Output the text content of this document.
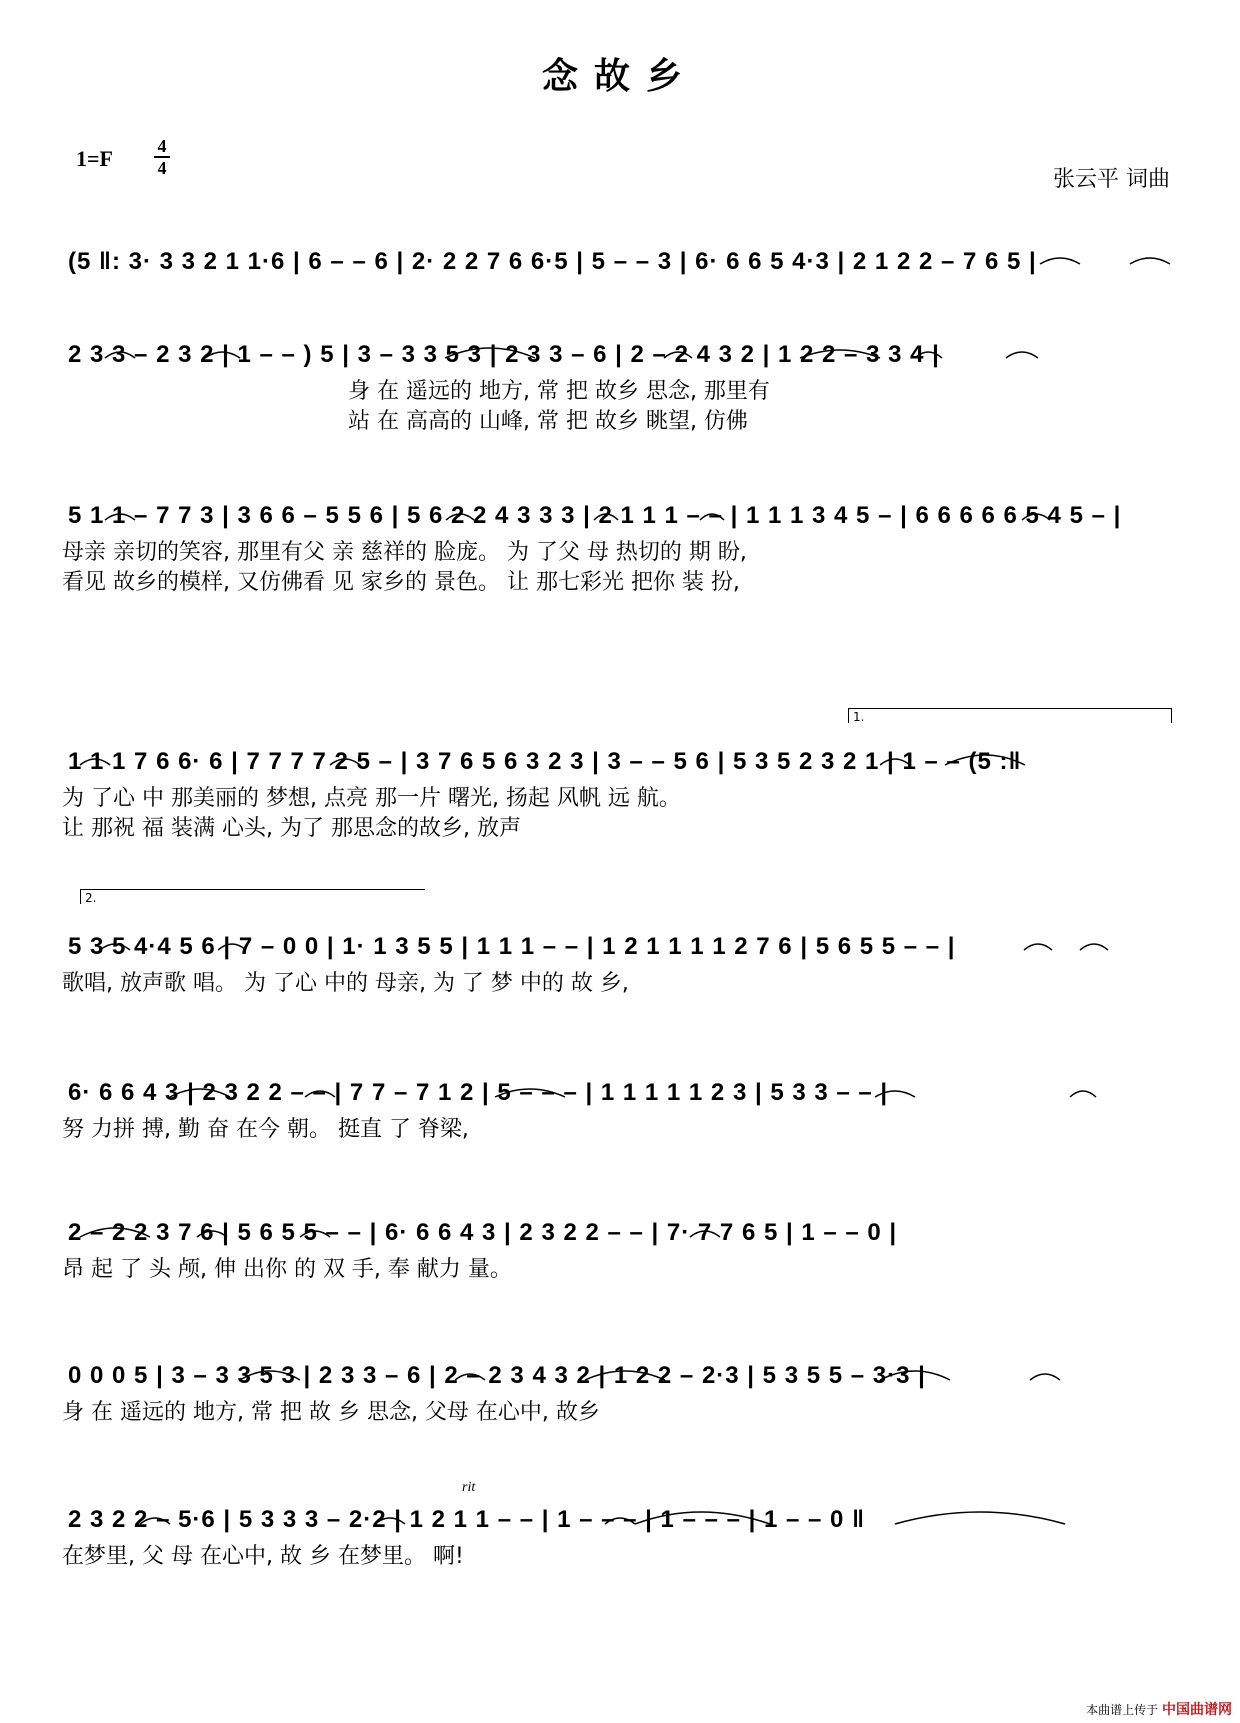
念故乡
1=F	4
4	张云平 词曲
(5 ‖: 3· 3 3 2 1 1·6 | 6 – – 6 | 2· 2 2 7 6 6·5 | 5 – – 3 | 6· 6 6 5 4·3 | 2 1 2 2 – 7 6 5 |
2 3 3 – 2 3 2 | 1 – – ) 5 | 3 – 3 3 5 3 | 2 3 3 – 6 | 2 – 2 4 3 2 | 1 2 2 – 3 3 4 |
身 在 遥远的 地方, 常 把 故乡 思念, 那里有
站 在 高高的 山峰, 常 把 故乡 眺望, 仿佛
5 1 1 – 7 7 3 | 3 6 6 – 5 5 6 | 5 6 2 2 4 3 3 3 | 2 1 1 1 – – | 1 1 1 3 4 5 – | 6 6 6 6 6 5 4 5 – |
母亲 亲切的笑容, 那里有父 亲 慈祥的 脸庞。 为 了父 母 热切的 期 盼,
看见 故乡的模样, 又仿佛看 见 家乡的 景色。 让 那七彩光 把你 装 扮,
1.
1 1 1 7 6 6· 6 | 7 7 7 7 2 5 – | 3 7 6 5 6 3 2 3 | 3 – – 5 6 | 5 3 5 2 3 2 1 | 1 – – (5 :‖
为 了心 中 那美丽的 梦想, 点亮 那一片 曙光, 扬起 风帆 远 航。
让 那祝 福 装满 心头, 为了 那思念的故乡, 放声
2.
5 3 5 4·4 5 6 | 7 – 0 0 | 1· 1 3 5 5 | 1 1 1 – – | 1 2 1 1 1 1 2 7 6 | 5 6 5 5 – – |
歌唱, 放声歌 唱。 为 了心 中的 母亲, 为 了 梦 中的 故 乡,
6· 6 6 4 3 | 2 3 2 2 – – | 7 7 – 7 1 2 | 5 – – – | 1 1 1 1 1 2 3 | 5 3 3 – – |
努 力拼 搏, 勤 奋 在今 朝。 挺直 了 脊梁,
2 – 2 2 3 7 6 | 5 6 5 5 – – | 6· 6 6 4 3 | 2 3 2 2 – – | 7· 7 7 6 5 | 1 – – 0 |
昂 起 了 头 颅, 伸 出你 的 双 手, 奉 献力 量。
0 0 0 5 | 3 – 3 3 5 3 | 2 3 3 – 6 | 2 – 2 3 4 3 2 | 1 2 2 – 2·3 | 5 3 5 5 – 3·3 |
身 在 遥远的 地方, 常 把 故 乡 思念, 父母 在心中, 故乡
rit
2 3 2 2 – 5·6 | 5 3 3 3 – 2·2 | 1 2 1 1 – – | 1 – – – | 1 – – – | 1 – – 0 ‖
在梦里, 父 母 在心中, 故 乡 在梦里。 啊!
本曲谱上传于 中国曲谱网
